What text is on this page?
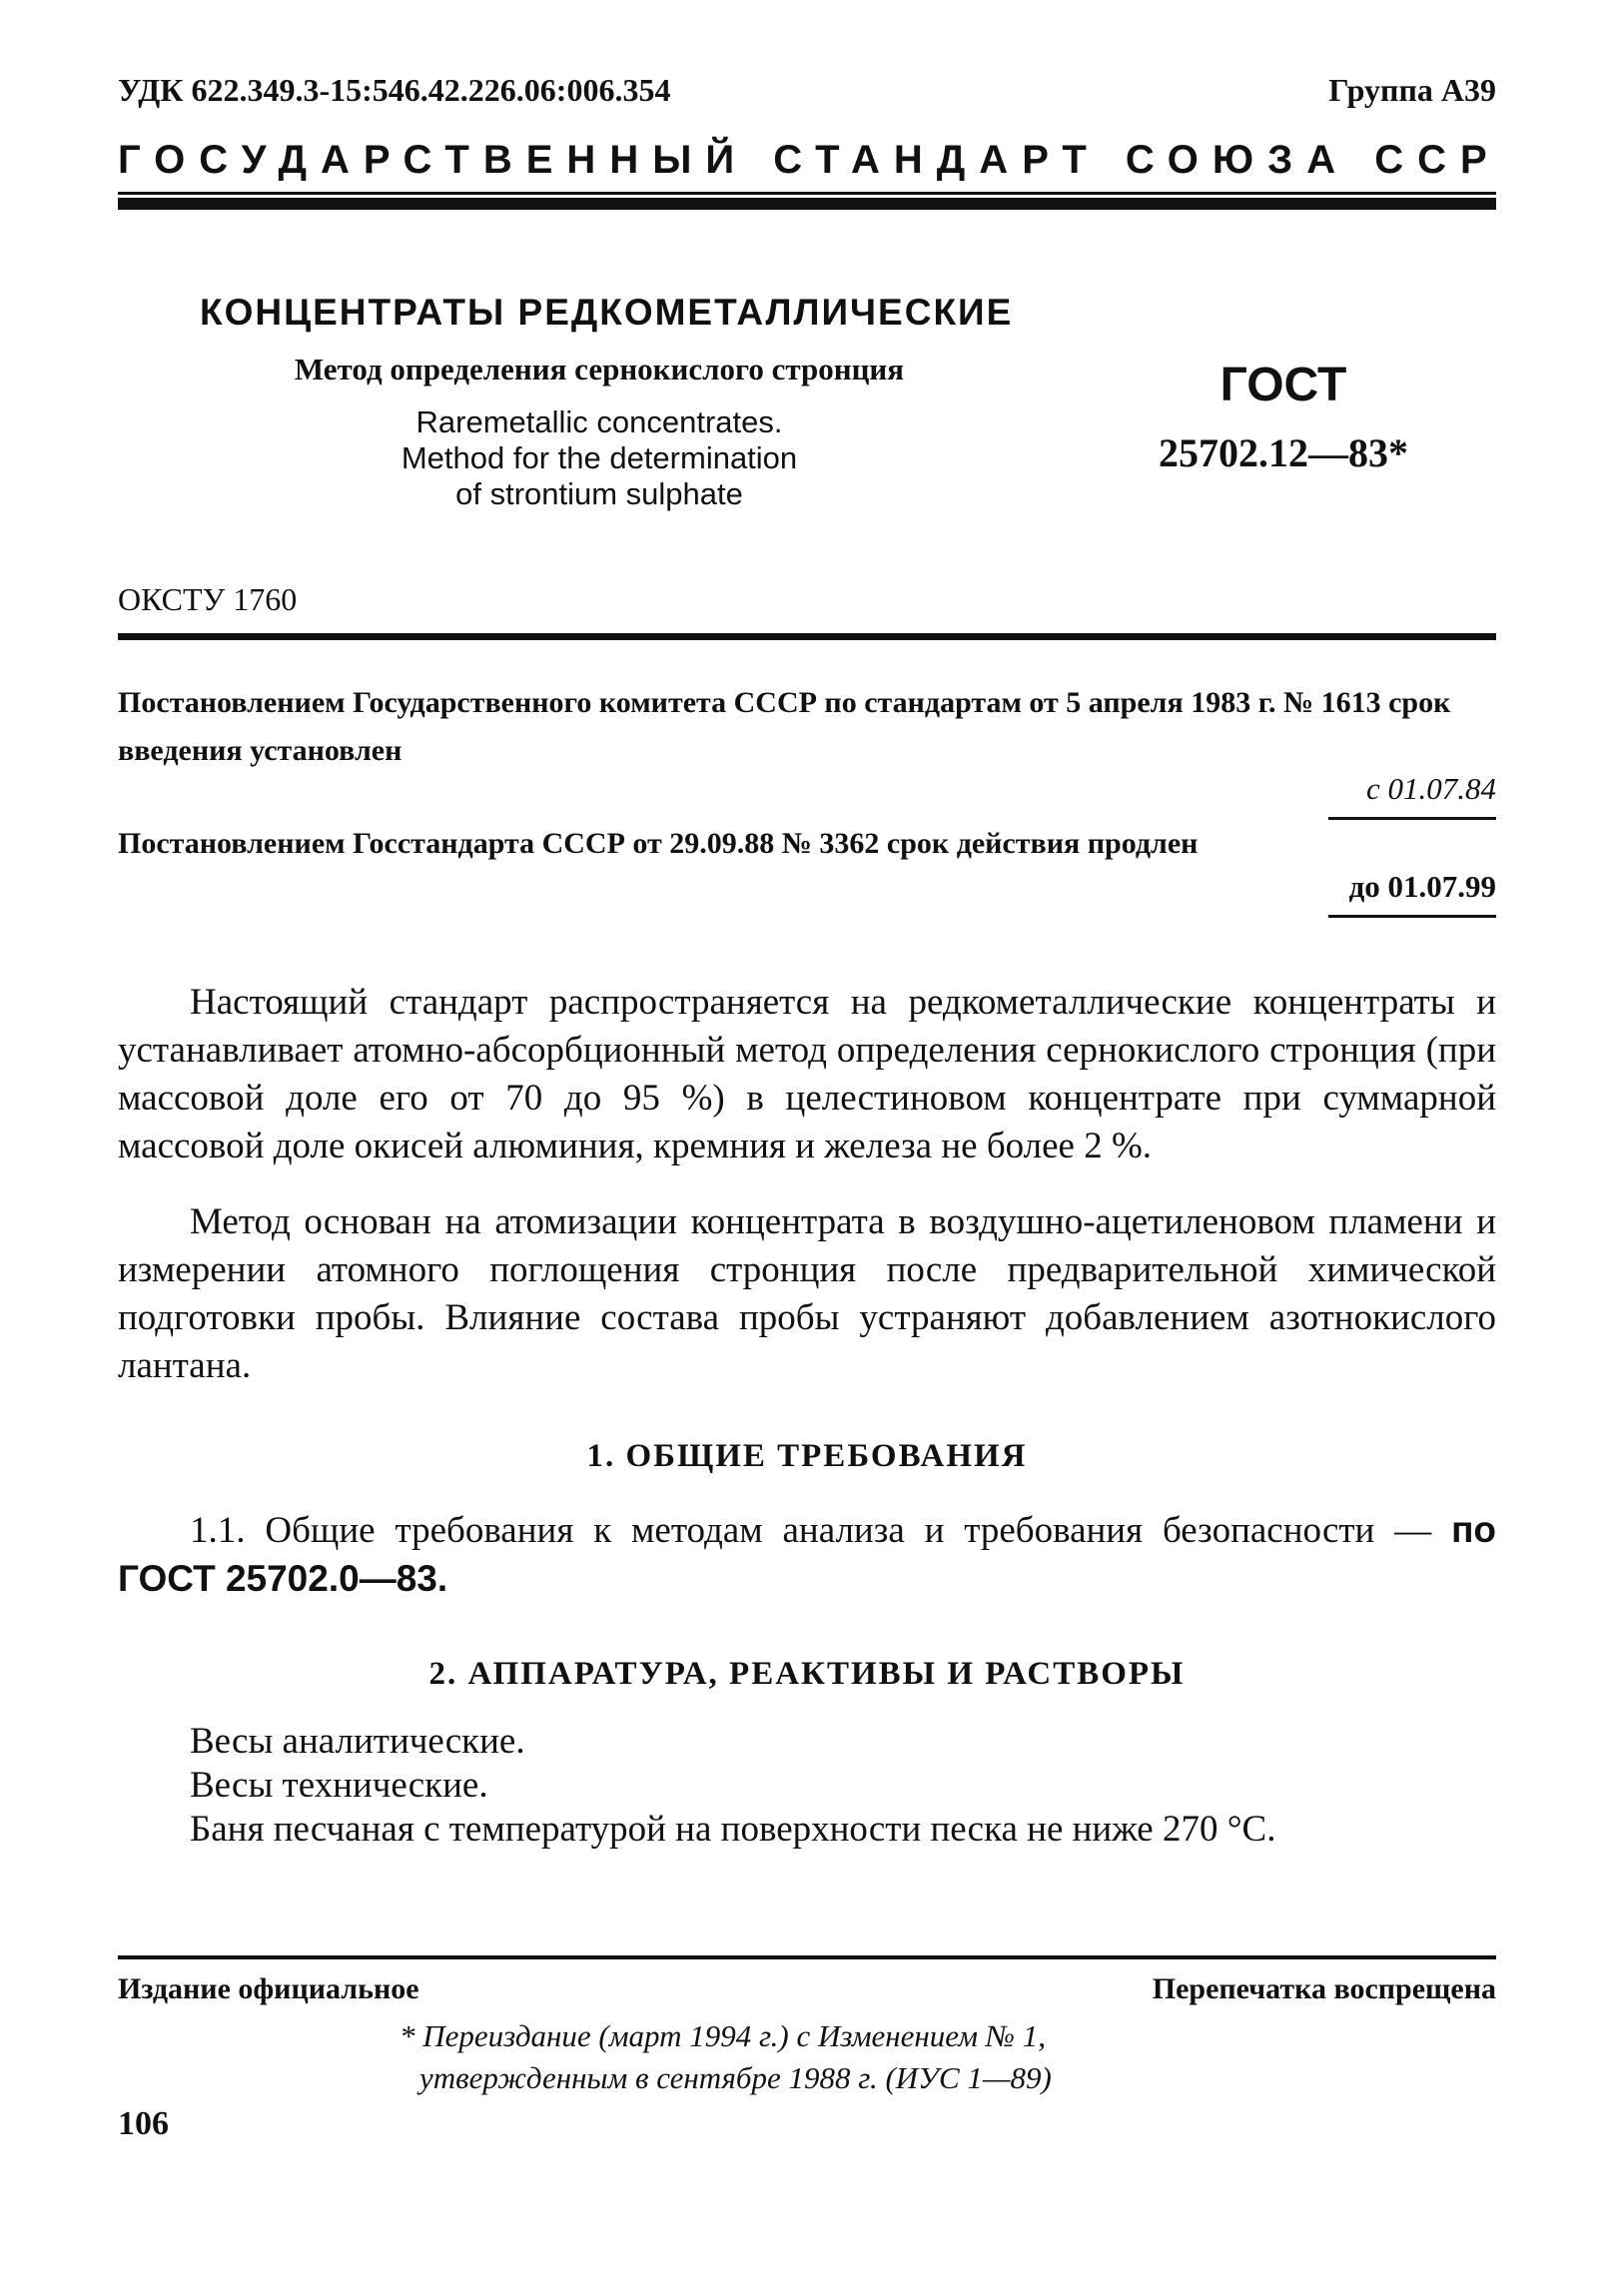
УДК 622.349.3-15:546.42.226.06:006.354	Группа А39
ГОСУДАРСТВЕННЫЙ СТАНДАРТ СОЮЗА ССР
КОНЦЕНТРАТЫ РЕДКОМЕТАЛЛИЧЕСКИЕ
Метод определения сернокислого стронция
Raremetallic concentrates.
Method for the determination
of strontium sulphate
ГОСТ
25702.12—83*
ОКСТУ 1760
Постановлением Государственного комитета СССР по стандартам от 5 апреля 1983 г. № 1613 срок введения установлен
с 01.07.84
Постановлением Госстандарта СССР от 29.09.88 № 3362 срок действия продлен
до 01.07.99
Настоящий стандарт распространяется на редкометаллические концентраты и устанавливает атомно-абсорбционный метод определения сернокислого стронция (при массовой доле его от 70 до 95 %) в целестиновом концентрате при суммарной массовой доле окисей алюминия, кремния и железа не более 2 %.
Метод основан на атомизации концентрата в воздушно-ацетиленовом пламени и измерении атомного поглощения стронция после предварительной химической подготовки пробы. Влияние состава пробы устраняют добавлением азотнокислого лантана.
1. ОБЩИЕ ТРЕБОВАНИЯ
1.1. Общие требования к методам анализа и требования безопасности — по ГОСТ 25702.0—83.
2. АППАРАТУРА, РЕАКТИВЫ И РАСТВОРЫ
Весы аналитические.
Весы технические.
Баня песчаная с температурой на поверхности песка не ниже 270 °С.
Издание официальное	Перепечатка воспрещена
* Переиздание (март 1994 г.) с Изменением № 1,
утвержденным в сентябре 1988 г. (ИУС 1—89)
106
